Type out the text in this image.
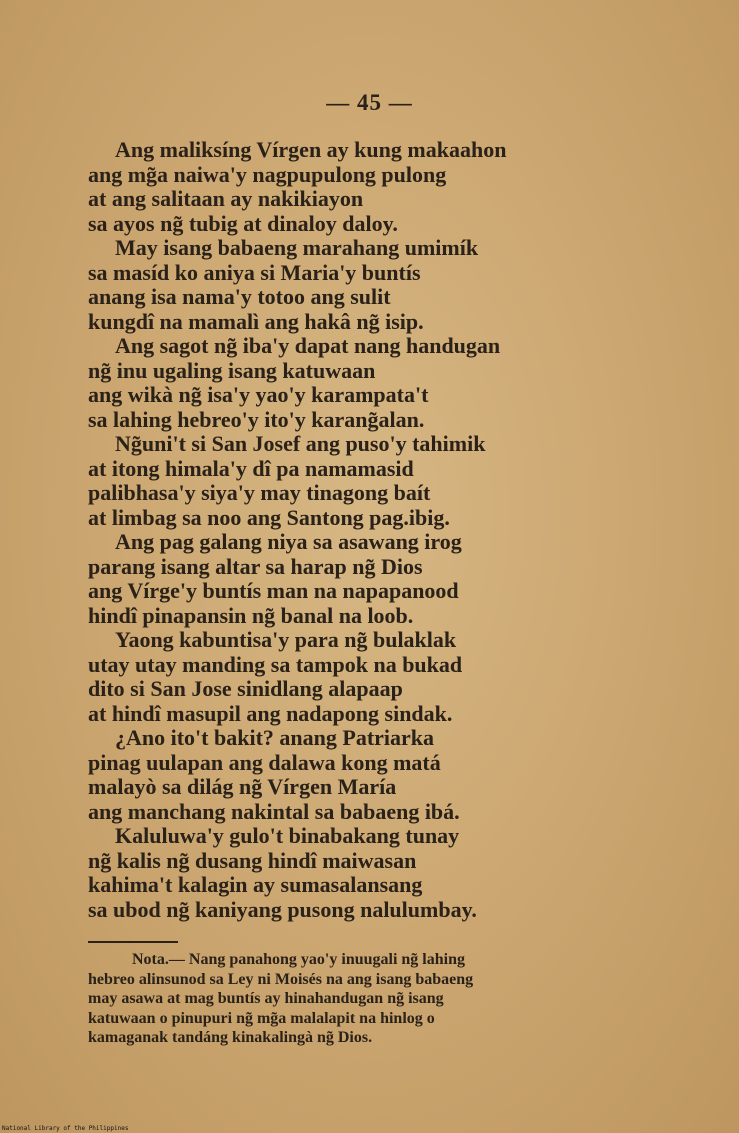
— 45 —
Ang maliksíng Vírgen ay kung makaahon
ang mg̃a naiwa'y nagpupulong pulong
at ang salitaan ay nakikiayon
sa ayos ng̃ tubig at dinaloy daloy.
May isang babaeng marahang umimík
sa masíd ko aniya si Maria'y buntís
anang isa nama'y totoo ang sulit
kungdî na mamalì ang hakâ ng̃ isip.
Ang sagot ng̃ iba'y dapat nang handugan
ng̃ inu ugaling isang katuwaan
ang wikà ng̃ isa'y yao'y karampata't
sa lahing hebreo'y ito'y karang̃alan.
Ng̃uni't si San Josef ang puso'y tahimik
at itong himala'y dî pa namamasid
palibhasa'y siya'y may tinagong baít
at limbag sa noo ang Santong pag.ibig.
Ang pag galang niya sa asawang irog
parang isang altar sa harap ng̃ Dios
ang Vírge'y buntís man na napapanood
hindî pinapansin ng̃ banal na loob.
Yaong kabuntisa'y para ng̃ bulaklak
utay utay manding sa tampok na bukad
dito si San Jose sinidlang alapaap
at hindî masupil ang nadapong sindak.
¿Ano ito't bakit? anang Patriarka
pinag uulapan ang dalawa kong matá
malayò sa dilág ng̃ Vírgen María
ang manchang nakintal sa babaeng ibá.
Kaluluwa'y gulo't binabakang tunay
ng̃ kalis ng̃ dusang hindî maiwasan
kahima't kalagin ay sumasalansang
sa ubod ng̃ kaniyang pusong nalulumbay.
Nota.— Nang panahong yao'y inuugali ng̃ lahing
hebreo alinsunod sa Ley ni Moisés na ang isang babaeng
may asawa at mag buntís ay hinahandugan ng̃ isang
katuwaan o pinupuri ng̃ mg̃a malalapit na hinlog o
kamaganak tandáng kinakalingà ng̃ Dios.
National Library of the Philippines
